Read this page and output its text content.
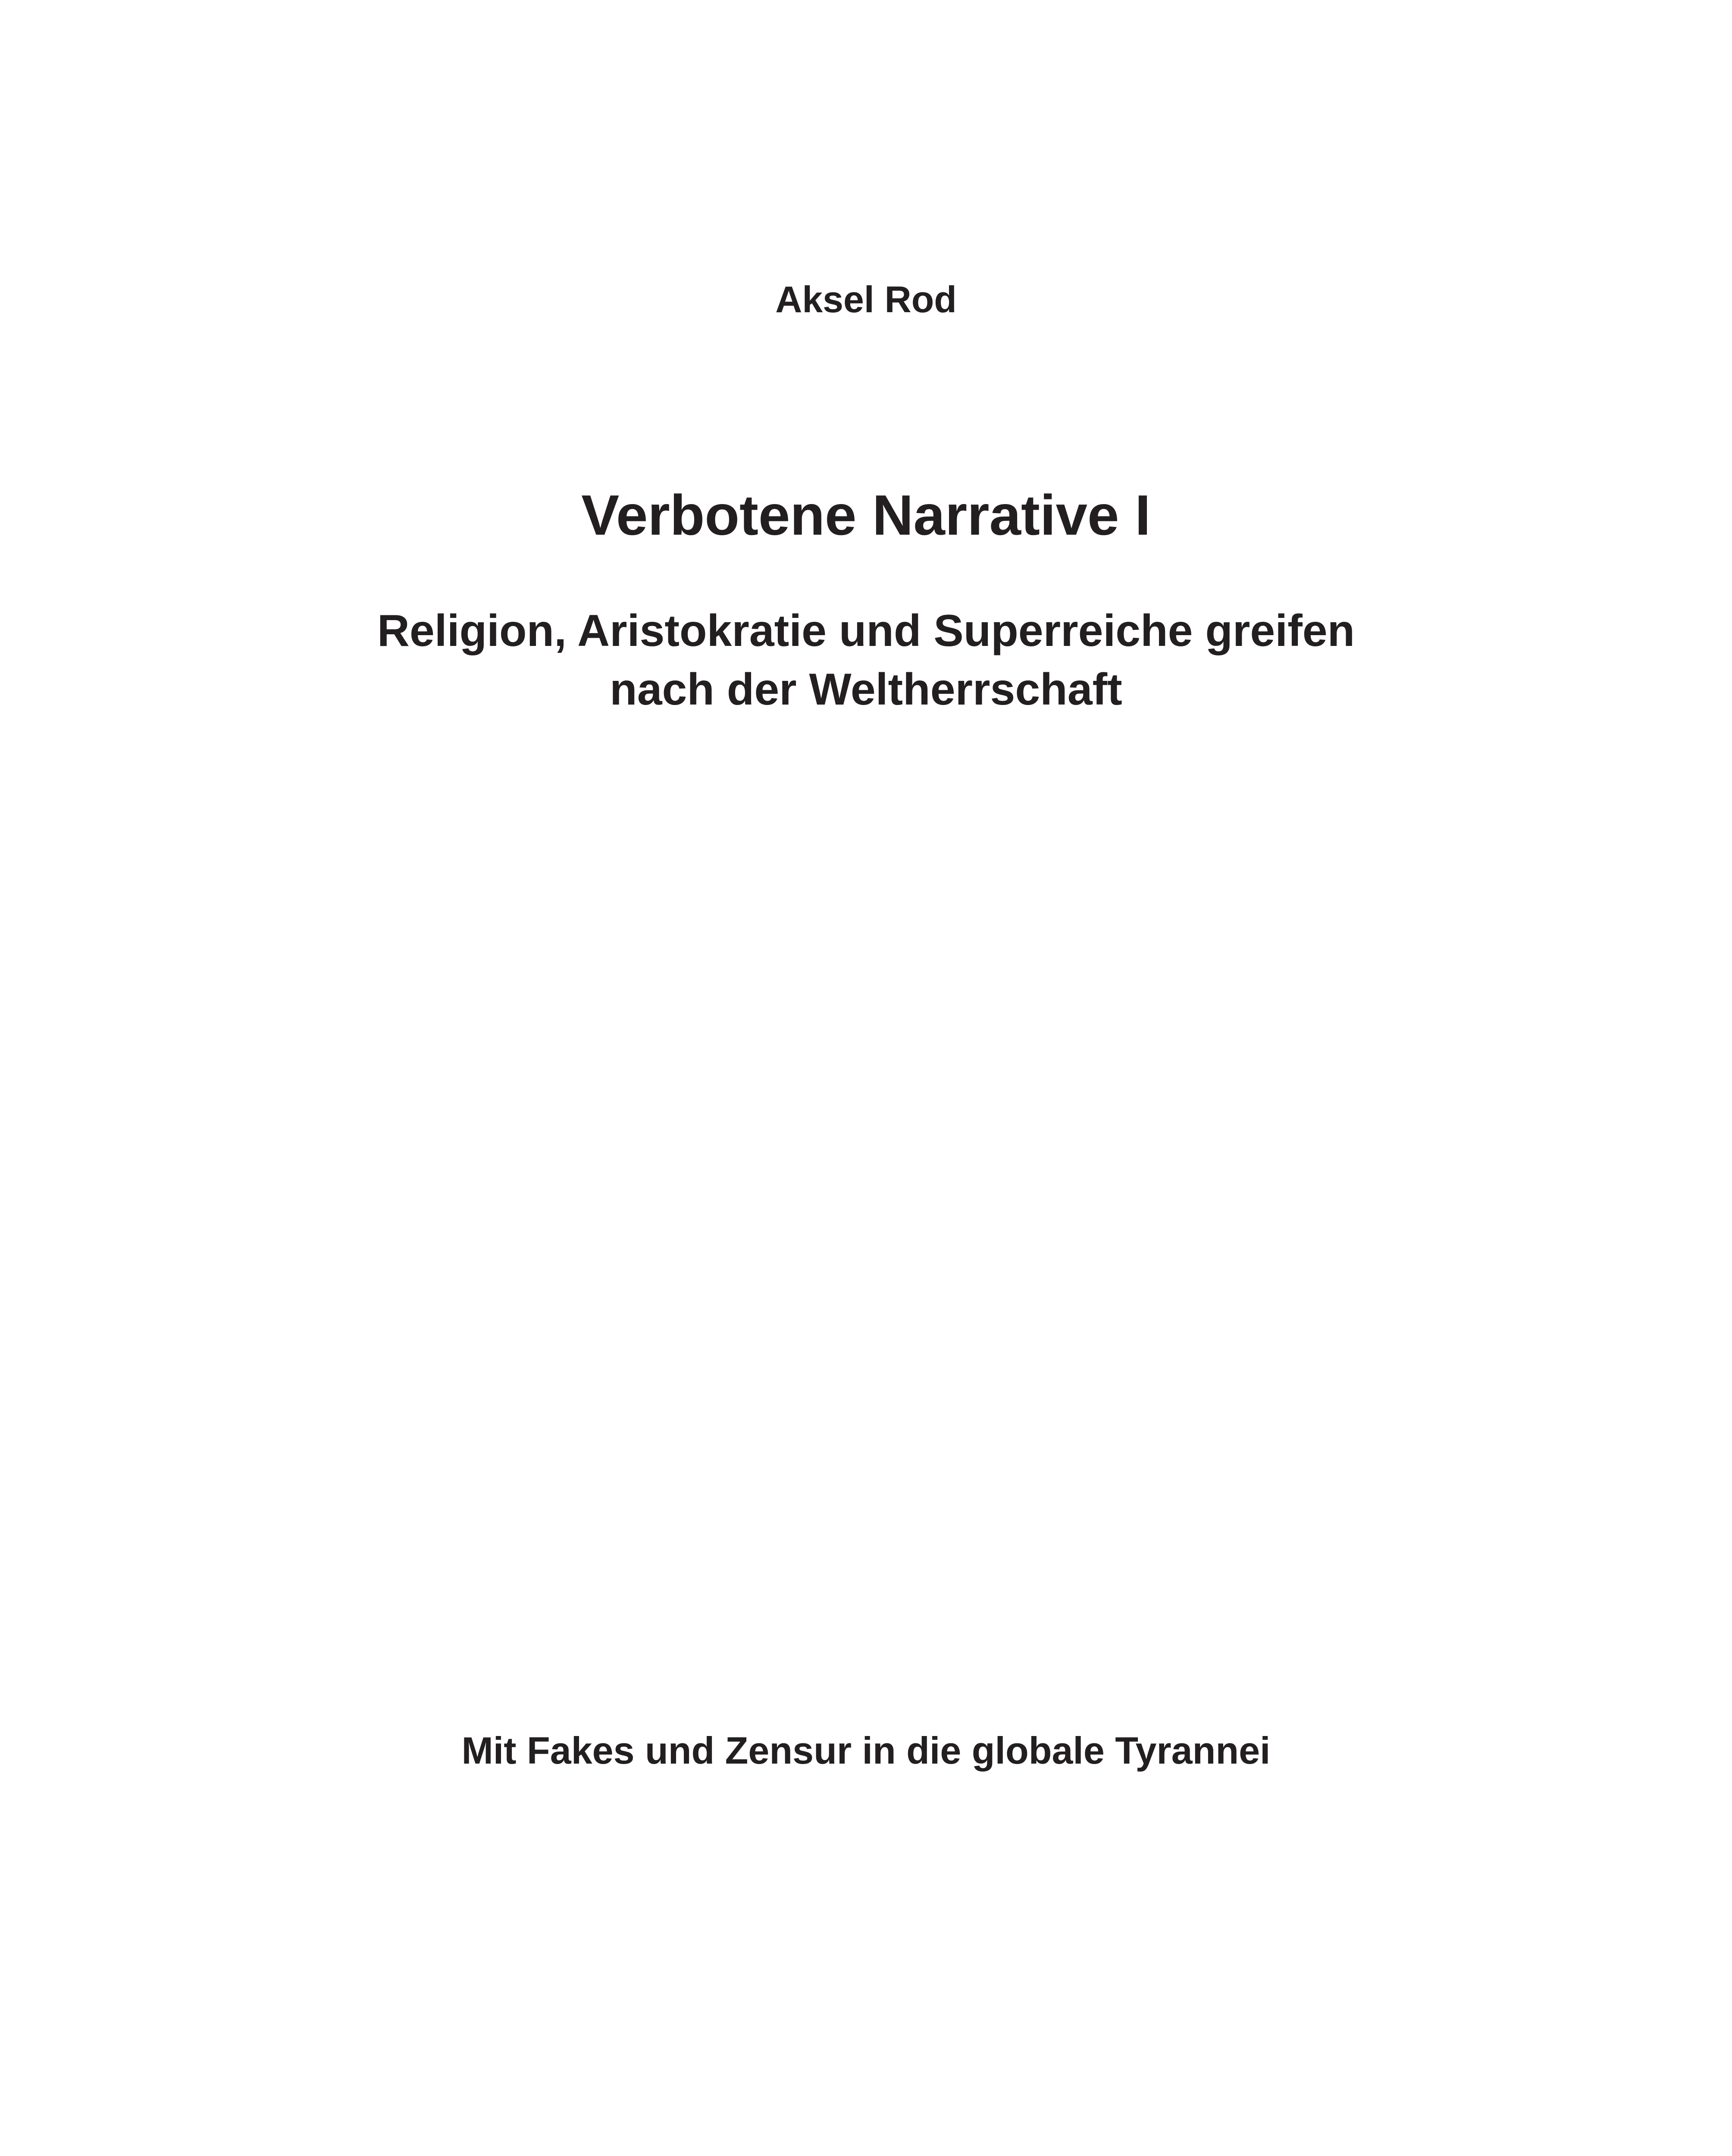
Aksel Rod

Verbotene Narrative I
Religion, Aristokratie und Superreiche greifen
nach der Weltherrschaft

Mit Fakes und Zensur in die globale Tyrannei
